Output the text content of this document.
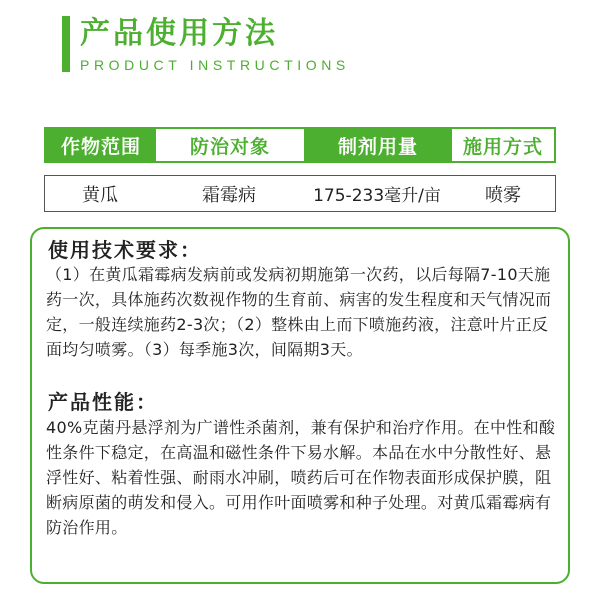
产品使用方法
PRODUCT INSTRUCTIONS
作物范围	防治对象	制剂用量	施用方式
黄瓜	霜霉病	175-233毫升/亩	喷雾
使用技术要求：
（1）在黄瓜霜霉病发病前或发病初期施第一次药，以后每隔7-10天施药一次，具体施药次数视作物的生育前、病害的发生程度和天气情况而定，一般连续施药2-3次；（2）整株由上而下喷施药液，注意叶片正反面均匀喷雾。（3）每季施3次，间隔期3天。
产品性能：
40%克菌丹悬浮剂为广谱性杀菌剂，兼有保护和治疗作用。在中性和酸性条件下稳定，在高温和磁性条件下易水解。本品在水中分散性好、悬浮性好、粘着性强、耐雨水冲刷，喷药后可在作物表面形成保护膜，阻断病原菌的萌发和侵入。可用作叶面喷雾和种子处理。对黄瓜霜霉病有防治作用。
